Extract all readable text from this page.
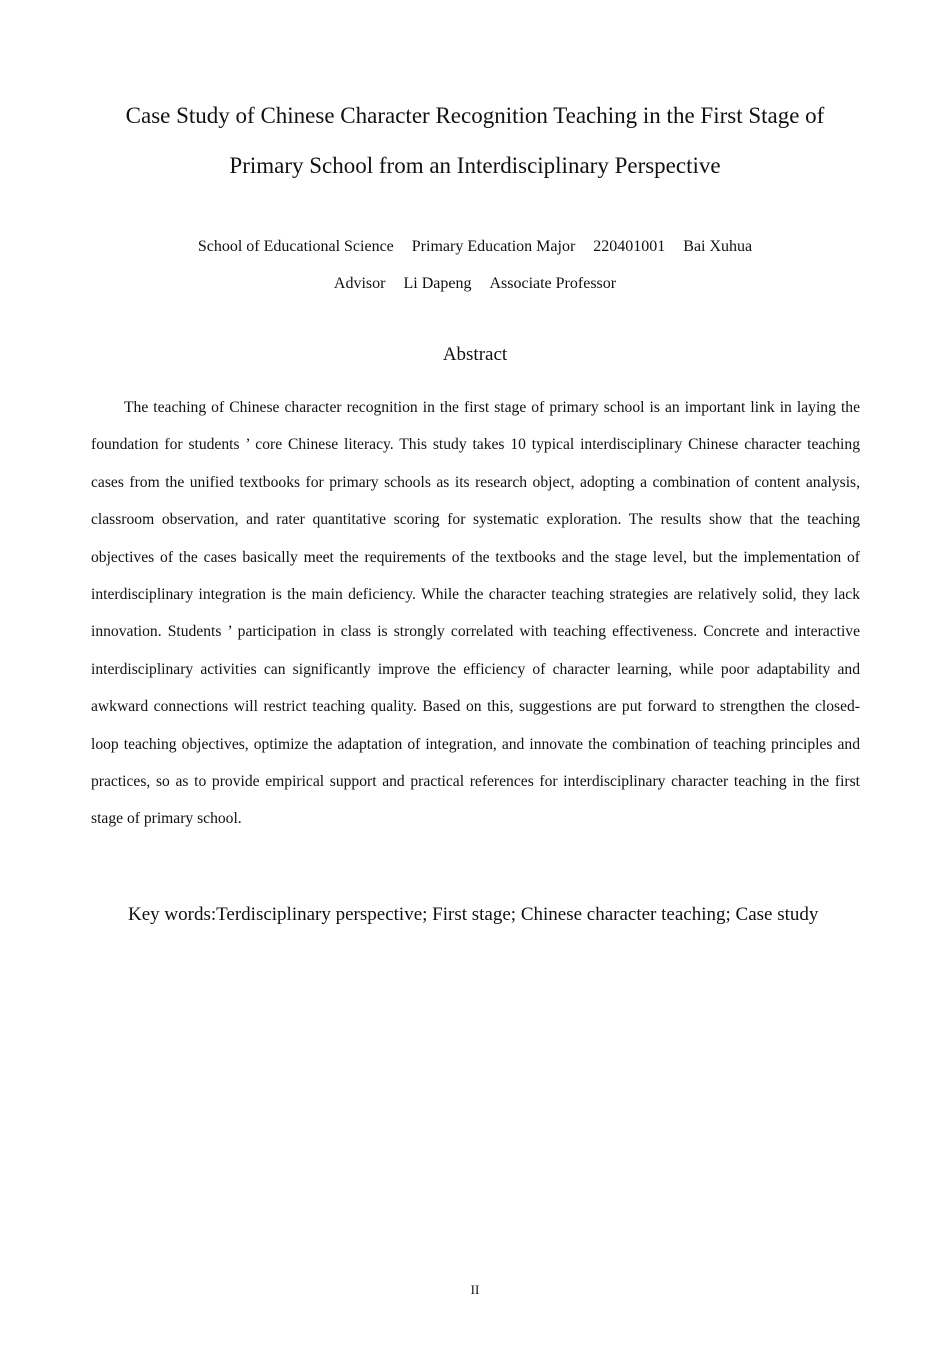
Case Study of Chinese Character Recognition Teaching in the First Stage of
Primary School from an Interdisciplinary Perspective
School of Educational Science Primary Education Major 220401001 Bai Xuhua
Advisor Li Dapeng Associate Professor
Abstract

The teaching of Chinese character recognition in the first stage of primary school is an important link in laying the foundation for students ’ core Chinese literacy. This study takes 10 typical interdisciplinary Chinese character teaching cases from the unified textbooks for primary schools as its research object, adopting a combination of content analysis, classroom observation, and rater quantitative scoring for systematic exploration. The results show that the teaching objectives of the cases basically meet the requirements of the textbooks and the stage level, but the implementation of interdisciplinary integration is the main deficiency. While the character teaching strategies are relatively solid, they lack innovation. Students ’ participation in class is strongly correlated with teaching effectiveness. Concrete and interactive interdisciplinary activities can significantly improve the efficiency of character learning, while poor adaptability and awkward connections will restrict teaching quality. Based on this, suggestions are put forward to strengthen the closed-loop teaching objectives, optimize the adaptation of integration, and innovate the combination of teaching principles and practices, so as to provide empirical support and practical references for interdisciplinary character teaching in the first stage of primary school.

Key words:Terdisciplinary perspective; First stage; Chinese character teaching; Case study

II
